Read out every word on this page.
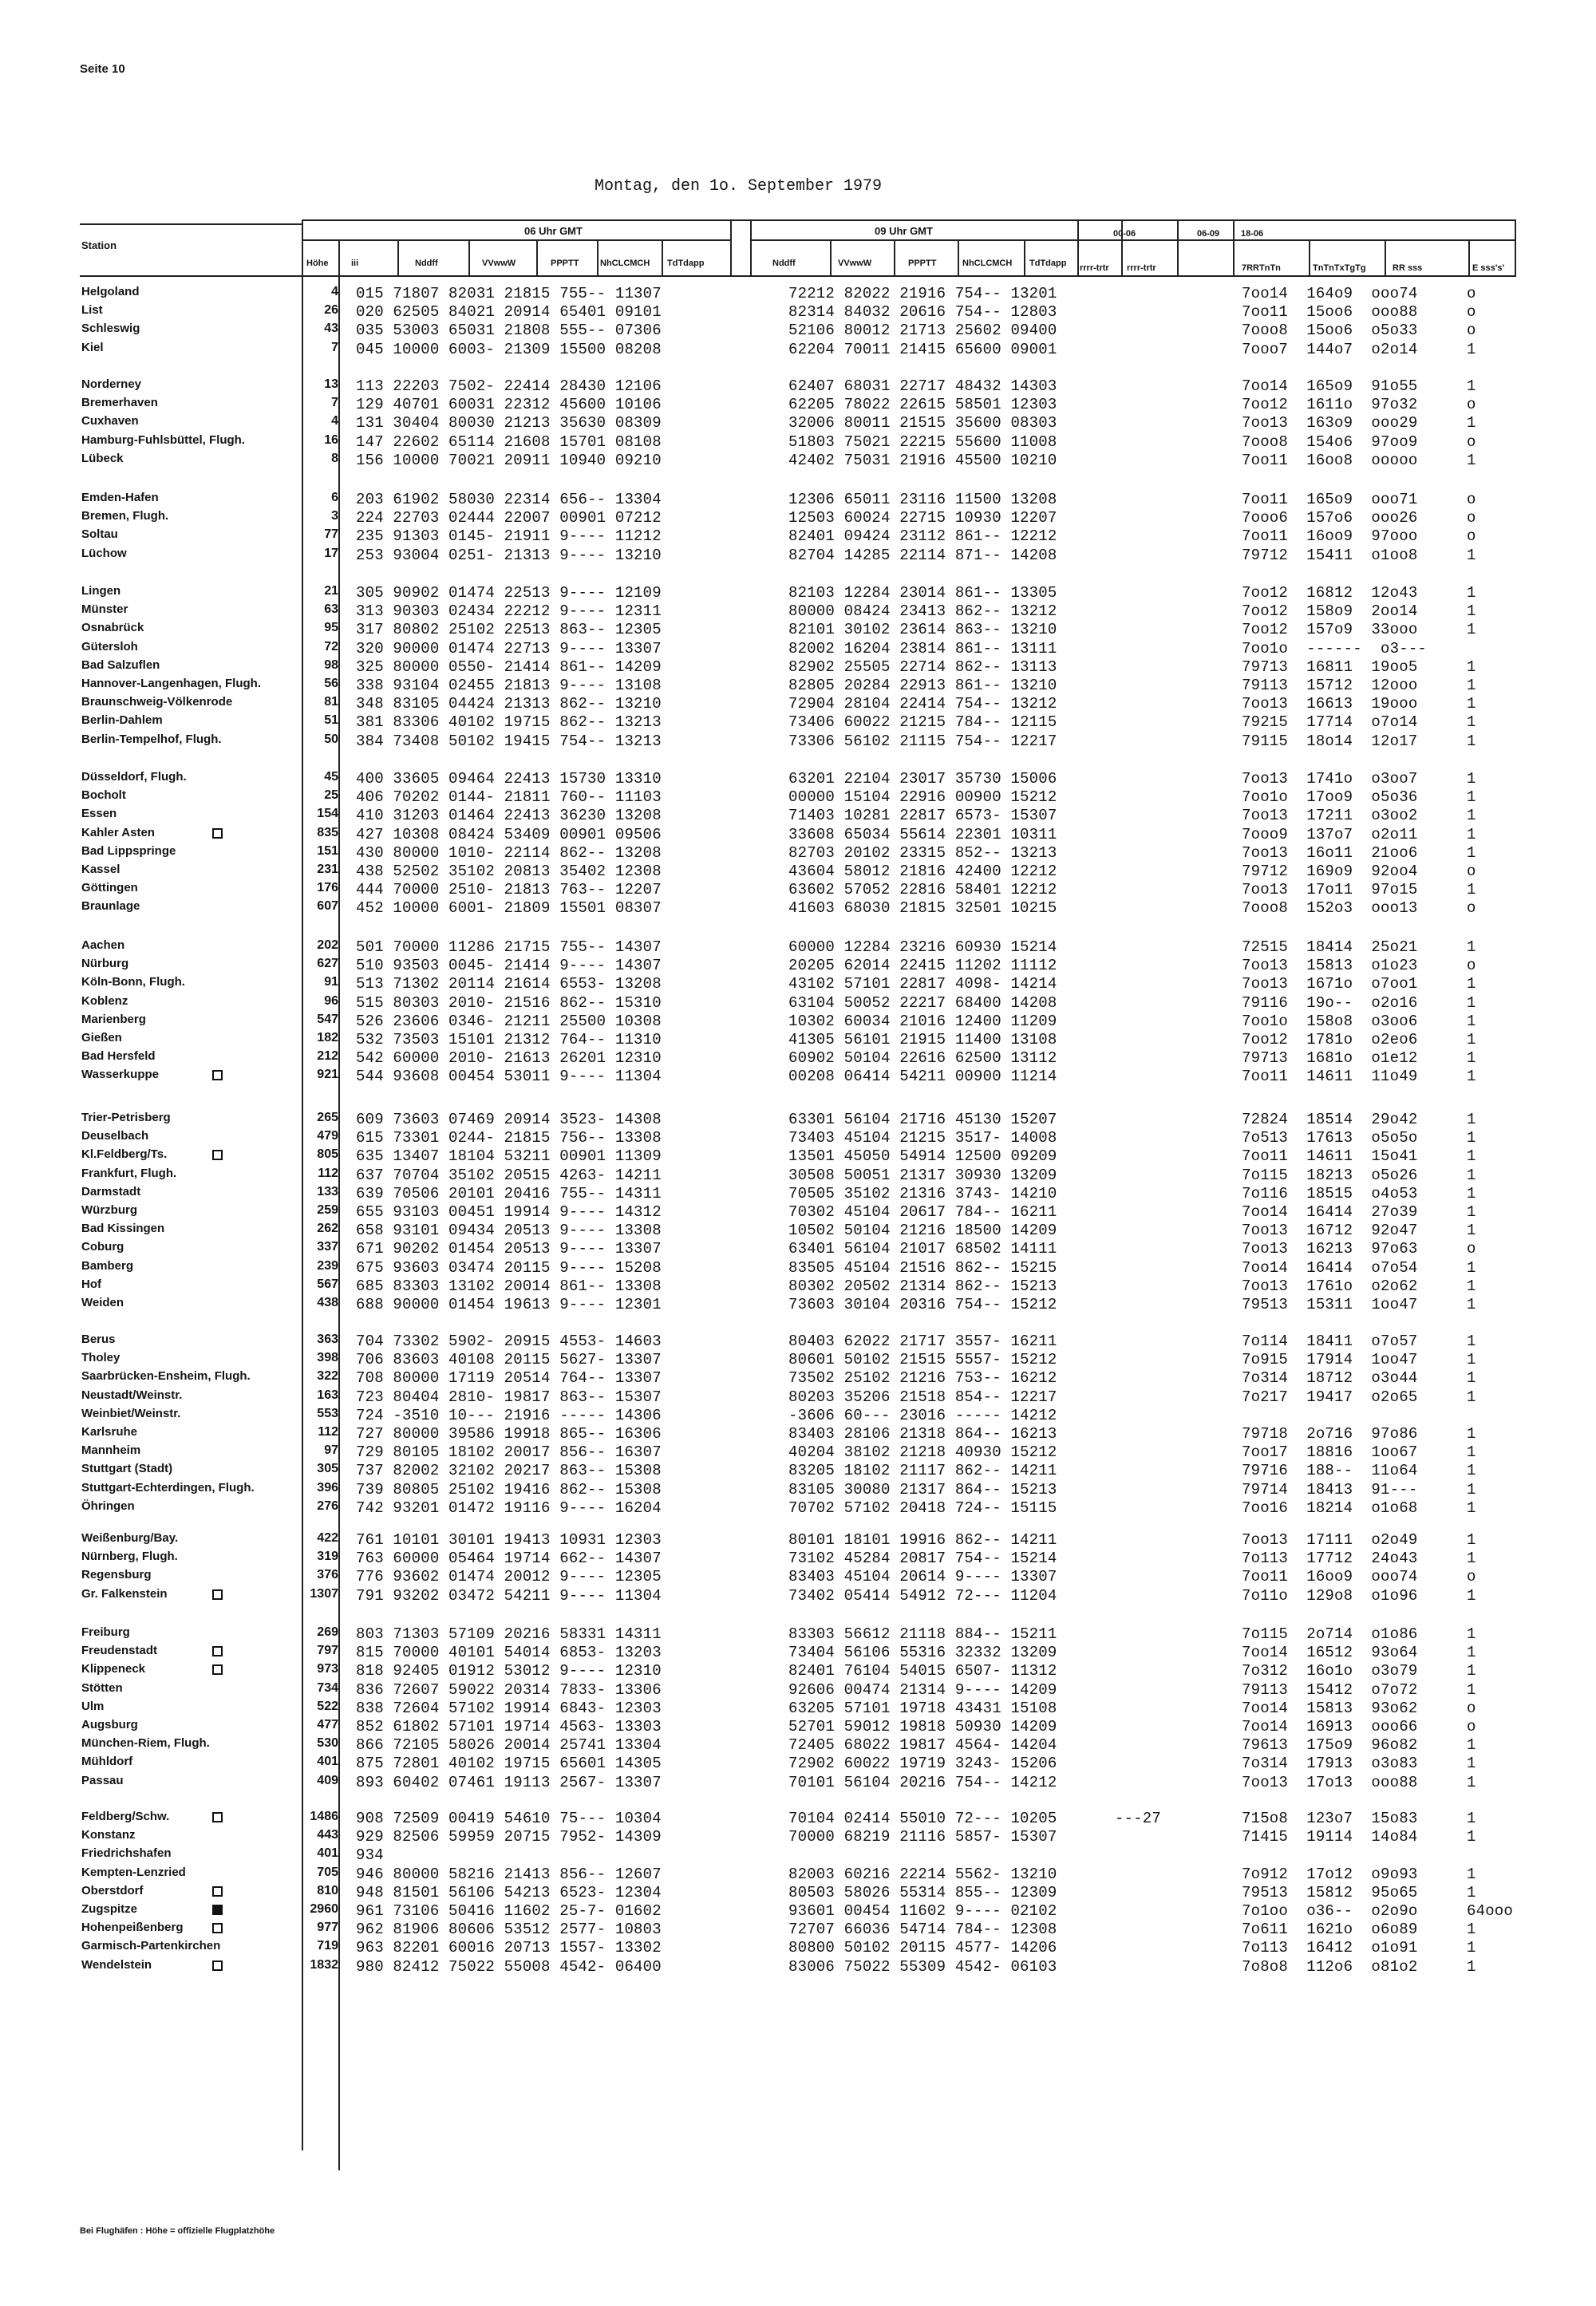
Seite 10
Montag, den 1o. September 1979
Station
Höhe	iii
06 Uhr GMT	09 Uhr GMT	00-06	06-09 18-06
Nddff	VVwwW	PPPTT NhCLCMCH TdTdapp	Nddff	VVwwW	PPPTT	NhCLCMCH TdTdapp rrrr-trtr rrrr-trtr	7RRTnTn	TnTnTxTgTg	RR sss	E sss's'
Helgoland	4 015 71807 82031 21815 755-- 11307	72212 82022 21916 754-- 13201	7oo14  164o9  ooo74	o
List	26 020 62505 84021 20914 65401 09101	82314 84032 20616 754-- 12803	7oo11  15oo6  ooo88	o
Schleswig	43 035 53003 65031 21808 555-- 07306	52106 80012 21713 25602 09400	7ooo8  15oo6  o5o33	o
Kiel	7 045 10000 6003- 21309 15500 08208	62204 70011 21415 65600 09001	7ooo7  144o7  o2o14	1
Norderney	13 113 22203 7502- 22414 28430 12106	62407 68031 22717 48432 14303	7oo14  165o9  91o55	1
Bremerhaven	7 129 40701 60031 22312 45600 10106	62205 78022 22615 58501 12303	7oo12  1611o  97o32	o
Cuxhaven	4 131 30404 80030 21213 35630 08309	32006 80011 21515 35600 08303	7oo13  163o9  ooo29	1
Hamburg-Fuhlsbüttel, Flugh.	16 147 22602 65114 21608 15701 08108	51803 75021 22215 55600 11008	7ooo8  154o6  97oo9	o
Lübeck	8 156 10000 70021 20911 10940 09210	42402 75031 21916 45500 10210	7oo11  16oo8  ooooo	1
Emden-Hafen	6 203 61902 58030 22314 656-- 13304	12306 65011 23116 11500 13208	7oo11  165o9  ooo71	o
Bremen, Flugh.	3 224 22703 02444 22007 00901 07212	12503 60024 22715 10930 12207	7ooo6  157o6  ooo26	o
Soltau	77 235 91303 0145- 21911 9---- 11212	82401 09424 23112 861-- 12212	7oo11  16oo9  97ooo	o
Lüchow	17 253 93004 0251- 21313 9---- 13210	82704 14285 22114 871-- 14208	79712  15411  o1oo8	1
Lingen	21 305 90902 01474 22513 9---- 12109	82103 12284 23014 861-- 13305	7oo12  16812  12o43	1
Münster	63 313 90303 02434 22212 9---- 12311	80000 08424 23413 862-- 13212	7oo12  158o9  2oo14	1
Osnabrück	95 317 80802 25102 22513 863-- 12305	82101 30102 23614 863-- 13210	7oo12  157o9  33ooo	1
Gütersloh	72 320 90000 01474 22713 9---- 13307	82002 16204 23814 861-- 13111	7oo1o  ------  o3---
Bad Salzuflen	98 325 80000 0550- 21414 861-- 14209	82902 25505 22714 862-- 13113	79713  16811  19oo5	1
Hannover-Langenhagen, Flugh.	56 338 93104 02455 21813 9---- 13108	82805 20284 22913 861-- 13210	79113  15712  12ooo	1
Braunschweig-Völkenrode	81 348 83105 04424 21313 862-- 13210	72904 28104 22414 754-- 13212	7oo13  16613  19ooo	1
Berlin-Dahlem	51 381 83306 40102 19715 862-- 13213	73406 60022 21215 784-- 12115	79215  17714  o7o14	1
Berlin-Tempelhof, Flugh.	50 384 73408 50102 19415 754-- 13213	73306 56102 21115 754-- 12217	79115  18o14  12o17	1
Düsseldorf, Flugh.	45 400 33605 09464 22413 15730 13310	63201 22104 23017 35730 15006	7oo13  1741o  o3oo7	1
Bocholt	25 406 70202 0144- 21811 760-- 11103	00000 15104 22916 00900 15212	7oo1o  17oo9  o5o36	1
Essen	154 410 31203 01464 22413 36230 13208	71403 10281 22817 6573- 15307	7oo13  17211  o3oo2	1
Kahler Asten	835 427 10308 08424 53409 00901 09506	33608 65034 55614 22301 10311	7ooo9  137o7  o2o11	1
Bad Lippspringe	151 430 80000 1010- 22114 862-- 13208	82703 20102 23315 852-- 13213	7oo13  16o11  21oo6	1
Kassel	231 438 52502 35102 20813 35402 12308	43604 58012 21816 42400 12212	79712  169o9  92oo4	o
Göttingen	176 444 70000 2510- 21813 763-- 12207	63602 57052 22816 58401 12212	7oo13  17o11  97o15	1
Braunlage	607 452 10000 6001- 21809 15501 08307	41603 68030 21815 32501 10215	7ooo8  152o3  ooo13	o
Aachen	202 501 70000 11286 21715 755-- 14307	60000 12284 23216 60930 15214	72515  18414  25o21	1
Nürburg	627 510 93503 0045- 21414 9---- 14307	20205 62014 22415 11202 11112	7oo13  15813  o1o23	o
Köln-Bonn, Flugh.	91 513 71302 20114 21614 6553- 13208	43102 57101 22817 4098- 14214	7oo13  1671o  o7oo1	1
Koblenz	96 515 80303 2010- 21516 862-- 15310	63104 50052 22217 68400 14208	79116  19o--  o2o16	1
Marienberg	547 526 23606 0346- 21211 25500 10308	10302 60034 21016 12400 11209	7oo1o  158o8  o3oo6	1
Gießen	182 532 73503 15101 21312 764-- 11310	41305 56101 21915 11400 13108	7oo12  1781o  o2eo6	1
Bad Hersfeld	212 542 60000 2010- 21613 26201 12310	60902 50104 22616 62500 13112	79713  1681o  o1e12	1
Wasserkuppe	921 544 93608 00454 53011 9---- 11304	00208 06414 54211 00900 11214	7oo11  14611  11o49	1
Trier-Petrisberg	265 609 73603 07469 20914 3523- 14308	63301 56104 21716 45130 15207	72824  18514  29o42	1
Deuselbach	479 615 73301 0244- 21815 756-- 13308	73403 45104 21215 3517- 14008	7o513  17613  o5o5o	1
Kl.Feldberg/Ts.	805 635 13407 18104 53211 00901 11309	13501 45050 54914 12500 09209	7oo11  14611  15o41	1
Frankfurt, Flugh.	112 637 70704 35102 20515 4263- 14211	30508 50051 21317 30930 13209	7o115  18213  o5o26	1
Darmstadt	133 639 70506 20101 20416 755-- 14311	70505 35102 21316 3743- 14210	7o116  18515  o4o53	1
Würzburg	259 655 93103 00451 19914 9---- 14312	70302 45104 20617 784-- 16211	7oo14  16414  27o39	1
Bad Kissingen	262 658 93101 09434 20513 9---- 13308	10502 50104 21216 18500 14209	7oo13  16712  92o47	1
Coburg	337 671 90202 01454 20513 9---- 13307	63401 56104 21017 68502 14111	7oo13  16213  97o63	o
Bamberg	239 675 93603 03474 20115 9---- 15208	83505 45104 21516 862-- 15215	7oo14  16414  o7o54	1
Hof	567 685 83303 13102 20014 861-- 13308	80302 20502 21314 862-- 15213	7oo13  1761o  o2o62	1
Weiden	438 688 90000 01454 19613 9---- 12301	73603 30104 20316 754-- 15212	79513  15311  1oo47	1
Berus	363 704 73302 5902- 20915 4553- 14603	80403 62022 21717 3557- 16211	7o114  18411  o7o57	1
Tholey	398 706 83603 40108 20115 5627- 13307	80601 50102 21515 5557- 15212	7o915  17914  1oo47	1
Saarbrücken-Ensheim, Flugh.	322 708 80000 17119 20514 764-- 13307	73502 25102 21216 753-- 16212	7o314  18712  o3o44	1
Neustadt/Weinstr.	163 723 80404 2810- 19817 863-- 15307	80203 35206 21518 854-- 12217	7o217  19417  o2o65	1
Weinbiet/Weinstr.	553 724 -3510 10--- 21916 ----- 14306	-3606 60--- 23016 ----- 14212
Karlsruhe	112 727 80000 39586 19918 865-- 16306	83403 28106 21318 864-- 16213	79718  2o716  97o86	1
Mannheim	97 729 80105 18102 20017 856-- 16307	40204 38102 21218 40930 15212	7oo17  18816  1oo67	1
Stuttgart (Stadt)	305 737 82002 32102 20217 863-- 15308	83205 18102 21117 862-- 14211	79716  188--  11o64	1
Stuttgart-Echterdingen, Flugh.	396 739 80805 25102 19416 862-- 15308	83105 30080 21317 864-- 15213	79714  18413  91---	1
Öhringen	276 742 93201 01472 19116 9---- 16204	70702 57102 20418 724-- 15115	7oo16  18214  o1o68	1
Weißenburg/Bay.	422 761 10101 30101 19413 10931 12303	80101 18101 19916 862-- 14211	7oo13  17111  o2o49	1
Nürnberg, Flugh.	319 763 60000 05464 19714 662-- 14307	73102 45284 20817 754-- 15214	7o113  17712  24o43	1
Regensburg	376 776 93602 01474 20012 9---- 12305	83403 45104 20614 9---- 13307	7oo11  16oo9  ooo74	o
Gr. Falkenstein	1307 791 93202 03472 54211 9---- 11304	73402 05414 54912 72--- 11204	7o11o  129o8  o1o96	1
Freiburg	269 803 71303 57109 20216 58331 14311	83303 56612 21118 884-- 15211	7o115  2o714  o1o86	1
Freudenstadt	797 815 70000 40101 54014 6853- 13203	73404 56106 55316 32332 13209	7oo14  16512  93o64	1
Klippeneck	973 818 92405 01912 53012 9---- 12310	82401 76104 54015 6507- 11312	7o312  16o1o  o3o79	1
Stötten	734 836 72607 59022 20314 7833- 13306	92606 00474 21314 9---- 14209	79113  15412  o7o72	1
Ulm	522 838 72604 57102 19914 6843- 12303	63205 57101 19718 43431 15108	7oo14  15813  93o62	o
Augsburg	477 852 61802 57101 19714 4563- 13303	52701 59012 19818 50930 14209	7oo14  16913  ooo66	o
München-Riem, Flugh.	530 866 72105 58026 20014 25741 13304	72405 68022 19817 4564- 14204	79613  175o9  96o82	1
Mühldorf	401 875 72801 40102 19715 65601 14305	72902 60022 19719 3243- 15206	7o314  17913  o3o83	1
Passau	409 893 60402 07461 19113 2567- 13307	70101 56104 20216 754-- 14212	7oo13  17o13  ooo88	1
Feldberg/Schw.	1486 908 72509 00419 54610 75--- 10304	70104 02414 55010 72--- 10205	---27	715o8  123o7  15o83	1
Konstanz	443 929 82506 59959 20715 7952- 14309	70000 68219 21116 5857- 15307	71415  19114  14o84	1
Friedrichshafen	401 934
Kempten-Lenzried	705 946 80000 58216 21413 856-- 12607	82003 60216 22214 5562- 13210	7o912  17o12  o9o93	1
Oberstdorf	810 948 81501 56106 54213 6523- 12304	80503 58026 55314 855-- 12309	79513  15812  95o65	1
Zugspitze	2960 961 73106 50416 11602 25-7- 01602	93601 00454 11602 9---- 02102	7o1oo  o36--  o2o9o	64ooo
Hohenpeißenberg	977 962 81906 80606 53512 2577- 10803	72707 66036 54714 784-- 12308	7o611  1621o  o6o89	1
Garmisch-Partenkirchen	719 963 82201 60016 20713 1557- 13302	80800 50102 20115 4577- 14206	7o113  16412  o1o91	1
Wendelstein	1832 980 82412 75022 55008 4542- 06400	83006 75022 55309 4542- 06103	7o8o8  112o6  o81o2	1
Bei Flughäfen : Höhe = offizielle Flugplatzhöhe
